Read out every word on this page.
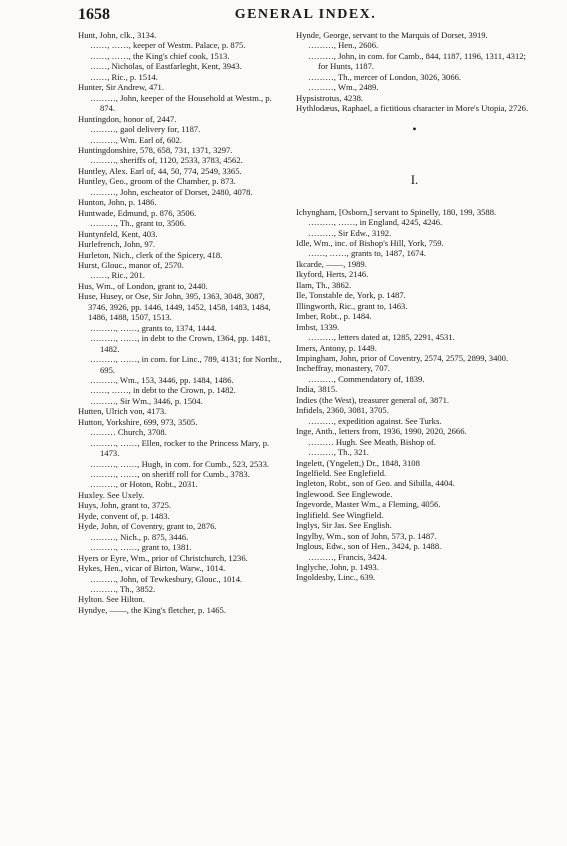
1658	GENERAL INDEX.

Hunt, John, clk., 3134.

……, ……, keeper of Westm. Palace, p. 875.

……, ……, the King's chief cook, 1513.

……, Nicholas, of Eastfarleght, Kent, 3943.

……, Ric., p. 1514.

Hunter, Sir Andrew, 471.

………, John, keeper of the Household at Westm., p. 874.

Huntingdon, honor of, 2447.

………, gaol delivery for, 1187.

………, Wm. Earl of, 602.

Huntingdonshire, 578, 658, 731, 1371, 3297.

………, sheriffs of, 1120, 2533, 3783, 4562.

Huntley, Alex. Earl of, 44, 50, 774, 2549, 3365.

Huntley, Geo., groom of the Chamber, p. 873.

………, John, escheator of Dorset, 2480, 4078.

Hunton, John, p. 1486.

Huntwade, Edmund, p. 876, 3506.

………, Th., grant to, 3506.

Huntynfeld, Kent, 403.

Hurlefrench, John, 97.

Hurleton, Nich., clerk of the Spicery, 418.

Hurst, Glouc., manor of, 2570.

……, Ric., 201.

Hus, Wm., of London, grant to, 2440.

Huse, Husey, or Ose, Sir John, 395, 1363, 3048, 3087, 3746, 3926, pp. 1446, 1449, 1452, 1458, 1483, 1484, 1486, 1488, 1507, 1513.

………, ……, grants to, 1374, 1444.

………, ……, in debt to the Crown, 1364, pp. 1481, 1482.

………, ……, in com. for Linc., 789, 4131; for Northt., 695.

………, Wm., 153, 3446, pp. 1484, 1486.

……, ……, in debt to the Crown, p. 1482.

………, Sir Wm., 3446, p. 1504.

Hutten, Ulrich von, 4173.

Hutton, Yorkshire, 699, 973, 3505.

……… Church, 3708.

………, ……, Ellen, rocker to the Princess Mary, p. 1473.

………, ……, Hugh, in com. for Cumb., 523, 2533.

………, ……, on sheriff roll for Cumb., 3783.

………, or Hoton, Robt., 2031.

Huxley. See Uxely.

Huys, John, grant to, 3725.

Hyde, convent of, p. 1483.

Hyde, John, of Coventry, grant to, 2876.

………, Nich., p. 875, 3446.

………, ……, grant to, 1381.

Hyers or Eyre, Wm., prior of Christchurch, 1236.

Hykes, Hen., vicar of Birton, Warw., 1014.

………, John, of Tewkesbury, Glouc., 1014.

………, Th., 3852.

Hylton. See Hilton.

Hyndye, ——, the King's fletcher, p. 1465.

Hynde, George, servant to the Marquis of Dorset, 3919.

………, Hen., 2606.

………, John, in com. for Camb., 844, 1187, 1196, 1311, 4312; for Hunts, 1187.

………, Th., mercer of London, 3026, 3066.

………, Wm., 2489.

Hypsistrotus, 4238.

Hythlodæus, Raphael, a fictitious character in More's Utopia, 2726.

•
I.

Ichyngham, [Osborn,] servant to Spinelly, 180, 199, 3588.

………, ……, in England, 4245, 4246.

………, Sir Edw., 3192.

Idle, Wm., inc. of Bishop's Hill, York, 759.

……, ……, grants to, 1487, 1674.

Ikcarde, ——, 1989.

Ikyford, Herts, 2146.

Ilam, Th., 3862.

Ile, Tonstable de, York, p. 1487.

Illingworth, Ric., grant to, 1463.

Imber, Robt., p. 1484.

Imbst, 1339.

………, letters dated at, 1285, 2291, 4531.

Imers, Antony, p. 1449.

Impingham, John, prior of Coventry, 2574, 2575, 2899, 3400.

Incheffray, monastery, 707.

………, Commendatory of, 1839.

India, 3815.

Indies (the West), treasurer general of, 3871.

Infidels, 2360, 3081, 3705.

………, expedition against. See Turks.

Inge, Anth., letters from, 1936, 1990, 2020, 2666.

……… Hugh. See Meath, Bishop of.

………, Th., 321.

Ingelett, (Yngelett,) Dr., 1848, 3108

Ingelfield. See Englefield.

Ingleton, Robt., son of Geo. and Sibilla, 4404.

Inglewood. See Englewode.

Ingevorde, Master Wm., a Fleming, 4056.

Inglifield. See Wingfield.

Inglys, Sir Jas. See English.

Ingylby, Wm., son of John, 573, p. 1487.

Inglous, Edw., son of Hen., 3424, p. 1488.

………, Francis, 3424.

Inglyche, John, p. 1493.

Ingoldesby, Linc., 639.
